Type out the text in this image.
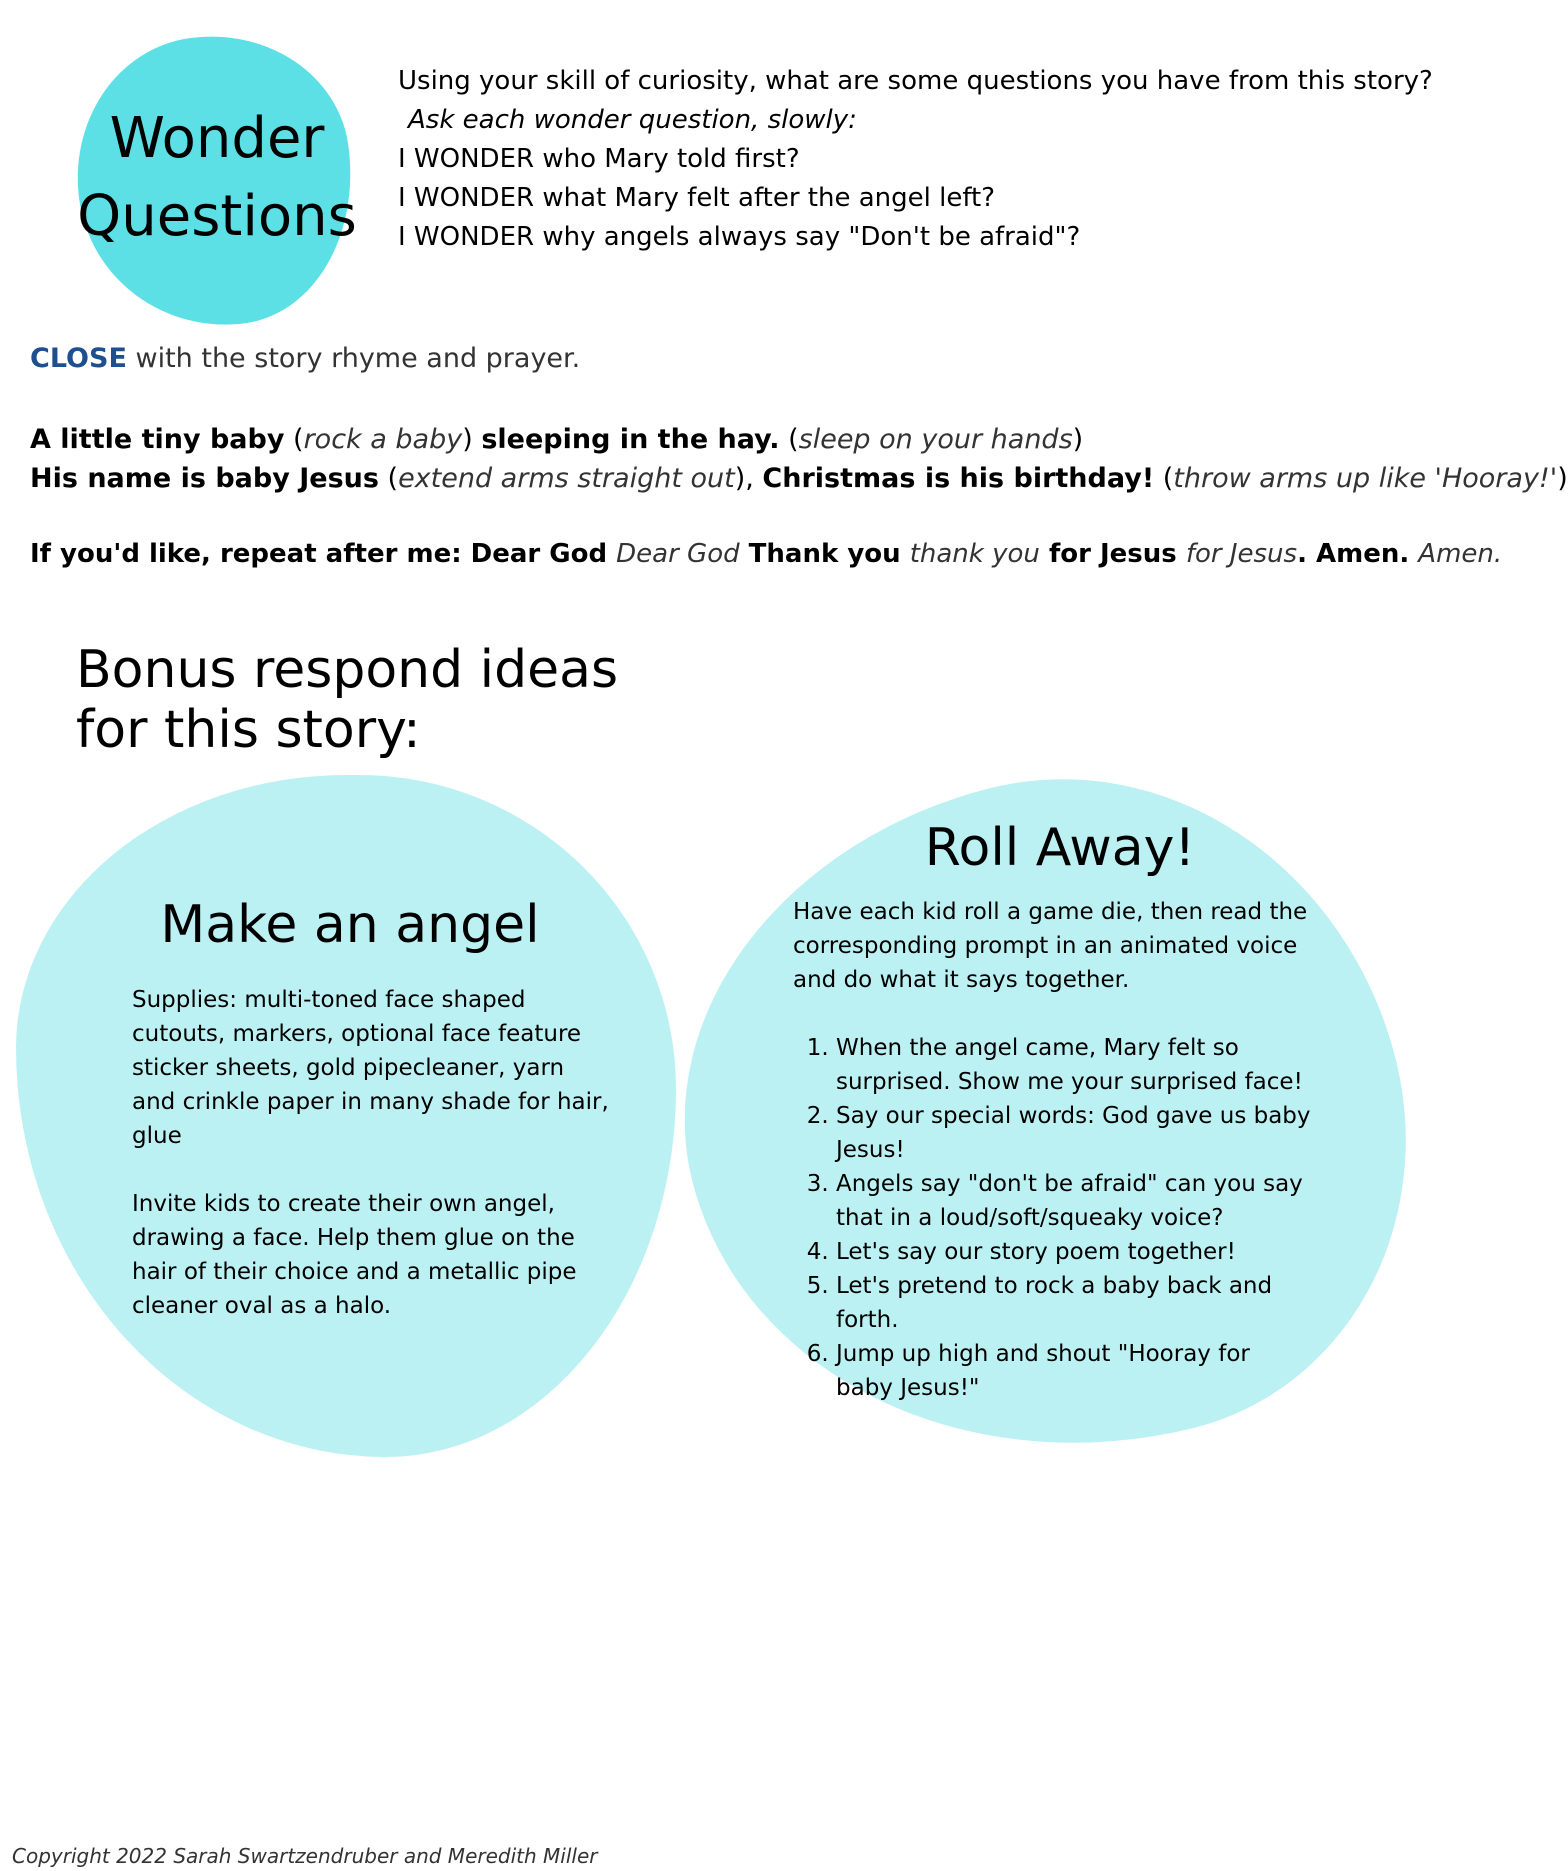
Wonder
Questions
Using your skill of curiosity, what are some questions you have from this story?
Ask each wonder question, slowly:
I WONDER who Mary told first?
I WONDER what Mary felt after the angel left?
I WONDER why angels always say "Don't be afraid"?
CLOSE with the story rhyme and prayer.
A little tiny baby (rock a baby) sleeping in the hay. (sleep on your hands)
His name is baby Jesus (extend arms straight out), Christmas is his birthday! (throw arms up like 'Hooray!')
If you'd like, repeat after me: Dear God Dear God Thank you thank you for Jesus for Jesus. Amen. Amen.
Bonus respond ideas
for this story:
Make an angel

Supplies: multi-toned face shaped cutouts, markers, optional face feature sticker sheets, gold pipecleaner, yarn and crinkle paper in many shade for hair, glue

Invite kids to create their own angel, drawing a face. Help them glue on the hair of their choice and a metallic pipe cleaner oval as a halo.

Roll Away!

Have each kid roll a game die, then read the corresponding prompt in an animated voice and do what it says together.

1. When the angel came, Mary felt so surprised. Show me your surprised face!
2. Say our special words: God gave us baby Jesus!
3. Angels say "don't be afraid" can you say that in a loud/soft/squeaky voice?
4. Let's say our story poem together!
5. Let's pretend to rock a baby back and forth.
6. Jump up high and shout "Hooray for baby Jesus!"
Copyright 2022 Sarah Swartzendruber and Meredith Miller
